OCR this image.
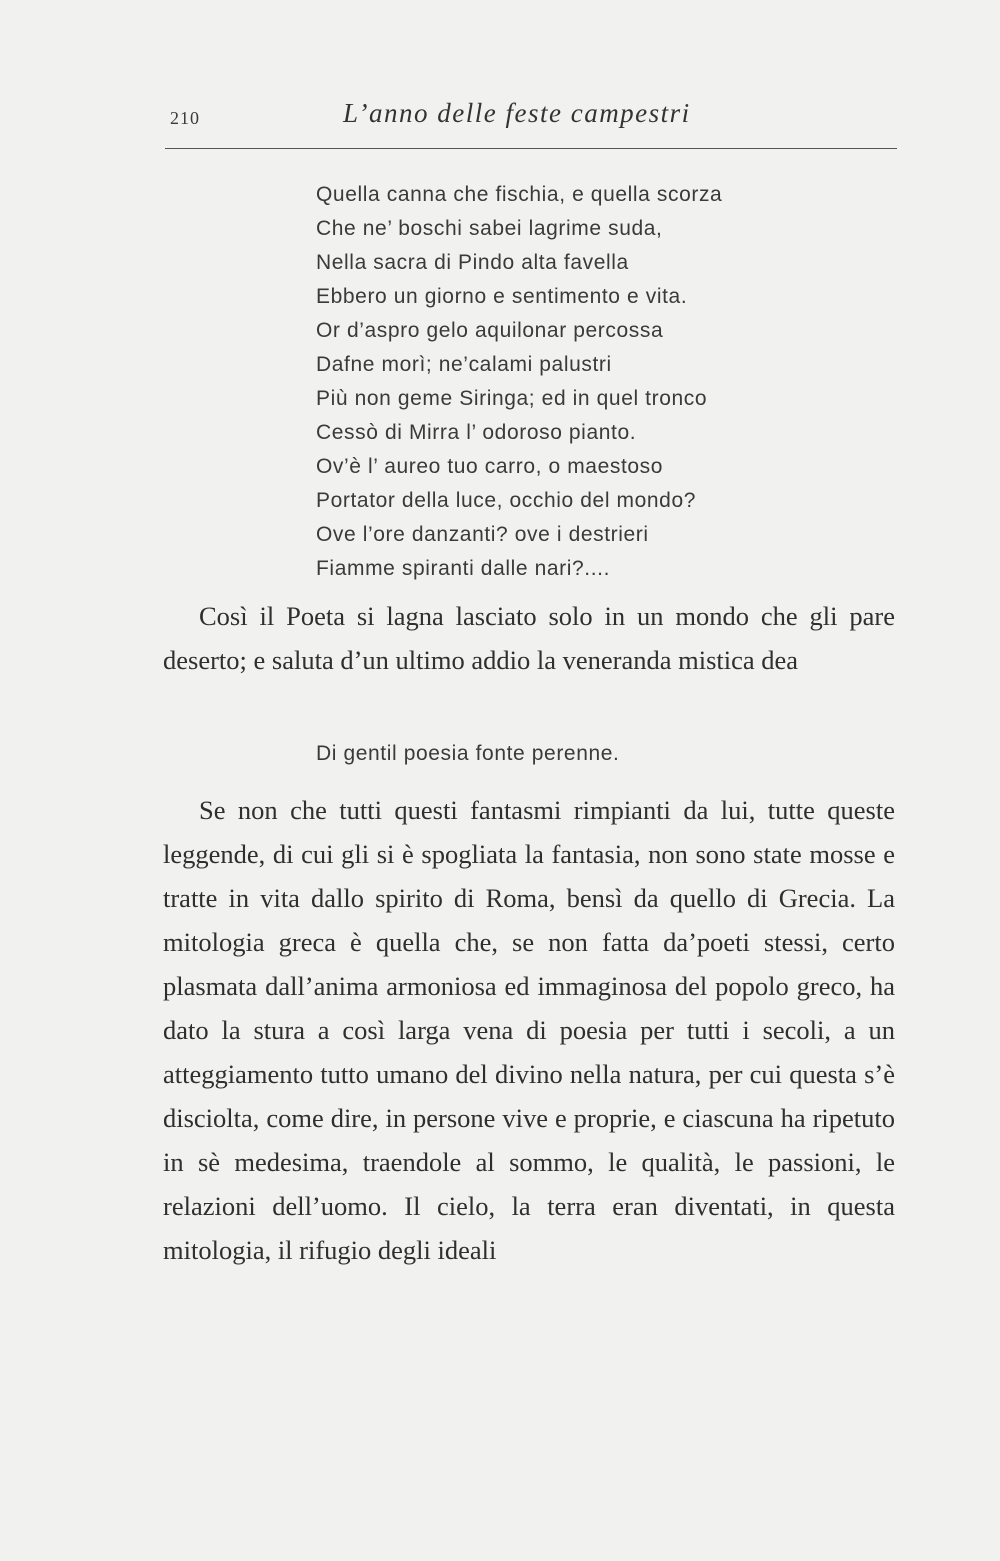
210	L’anno delle feste campestri
Quella canna che fischia, e quella scorza
Che ne’ boschi sabei lagrime suda,
Nella sacra di Pindo alta favella
Ebbero un giorno e sentimento e vita.
Or d’aspro gelo aquilonar percossa
Dafne morì; ne’calami palustri
Più non geme Siringa; ed in quel tronco
Cessò di Mirra l’ odoroso pianto.
Ov’è l’ aureo tuo carro, o maestoso
Portator della luce, occhio del mondo?
Ove l’ore danzanti? ove i destrieri
Fiamme spiranti dalle nari?....

Così il Poeta si lagna lasciato solo in un mondo che gli pare deserto; e saluta d’un ultimo addio la veneranda mistica dea

Di gentil poesia fonte perenne.

Se non che tutti questi fantasmi rimpianti da lui, tutte queste leggende, di cui gli si è spogliata la fantasia, non sono state mosse e tratte in vita dallo spirito di Roma, bensì da quello di Grecia. La mitologia greca è quella che, se non fatta da’poeti stessi, certo plasmata dall’anima armoniosa ed immaginosa del popolo greco, ha dato la stura a così larga vena di poesia per tutti i secoli, a un atteggiamento tutto umano del divino nella natura, per cui questa s’è disciolta, come dire, in persone vive e proprie, e ciascuna ha ripetuto in sè medesima, traendole al sommo, le qualità, le passioni, le relazioni dell’uomo. Il cielo, la terra eran diventati, in questa mitologia, il rifugio degli ideali
